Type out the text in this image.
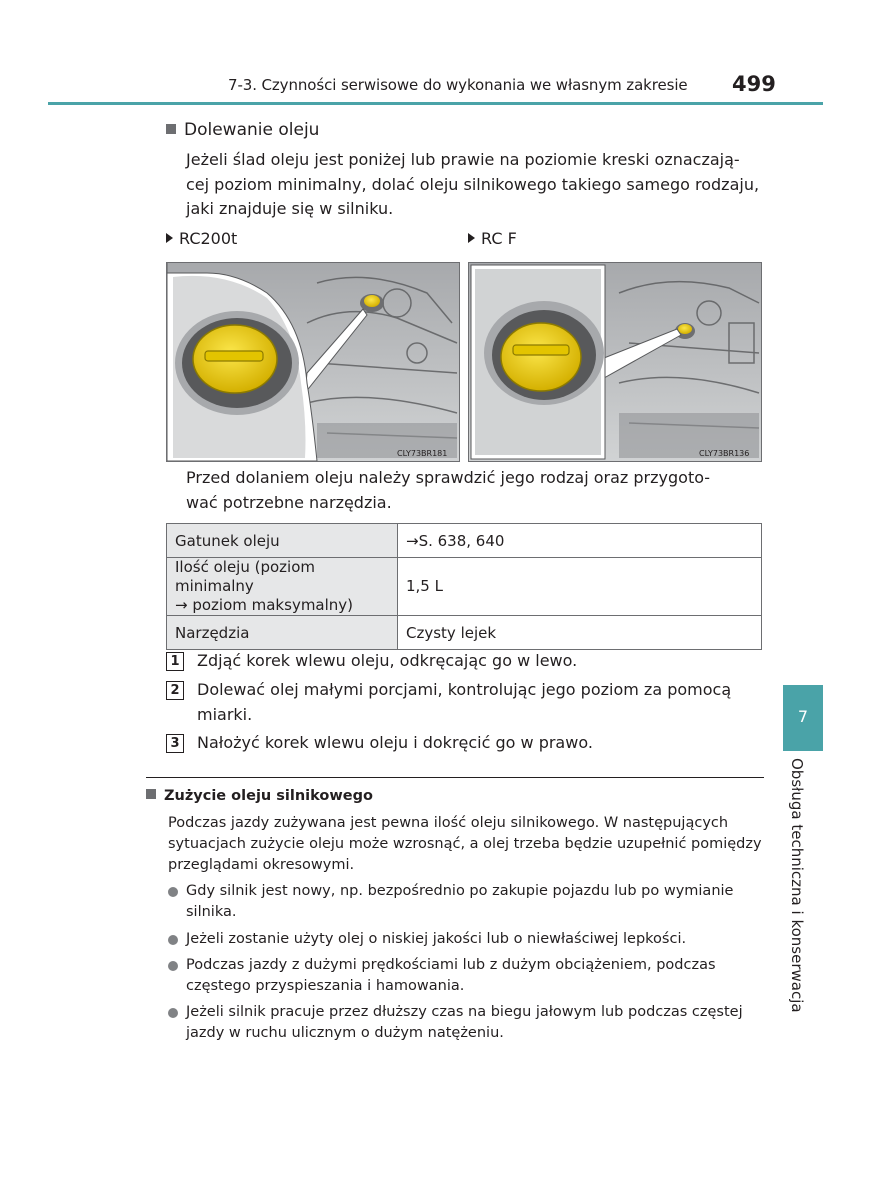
7-3. Czynności serwisowe do wykonania we własnym zakresie 499
Dolewanie oleju
Jeżeli ślad oleju jest poniżej lub prawie na poziomie kreski oznaczają-
cej poziom minimalny, dolać oleju silnikowego takiego samego rodzaju,
jaki znajduje się w silniku.
RC200t	RC F
CLY73BR181	CLY73BR136
Przed dolaniem oleju należy sprawdzić jego rodzaj oraz przygoto-
wać potrzebne narzędzia.
Gatunek oleju	→S. 638, 640

Ilość oleju (poziom minimalny
→ poziom maksymalny)	1,5 L
Narzędzia	Czysty lejek
1 Zdjąć korek wlewu oleju, odkręcając go w lewo.
2 Dolewać olej małymi porcjami, kontrolując jego poziom za pomocą
miarki.
3 Nałożyć korek wlewu oleju i dokręcić go w prawo.
Zużycie oleju silnikowego
Podczas jazdy zużywana jest pewna ilość oleju silnikowego. W następujących
sytuacjach zużycie oleju może wzrosnąć, a olej trzeba będzie uzupełnić pomiędzy
przeglądami okresowymi.
Gdy silnik jest nowy, np. bezpośrednio po zakupie pojazdu lub po wymianie
silnika.
Jeżeli zostanie użyty olej o niskiej jakości lub o niewłaściwej lepkości.
Podczas jazdy z dużymi prędkościami lub z dużym obciążeniem, podczas
częstego przyspieszania i hamowania.
Jeżeli silnik pracuje przez dłuższy czas na biegu jałowym lub podczas częstej
jazdy w ruchu ulicznym o dużym natężeniu.
7
Obsługa techniczna i konserwacja
